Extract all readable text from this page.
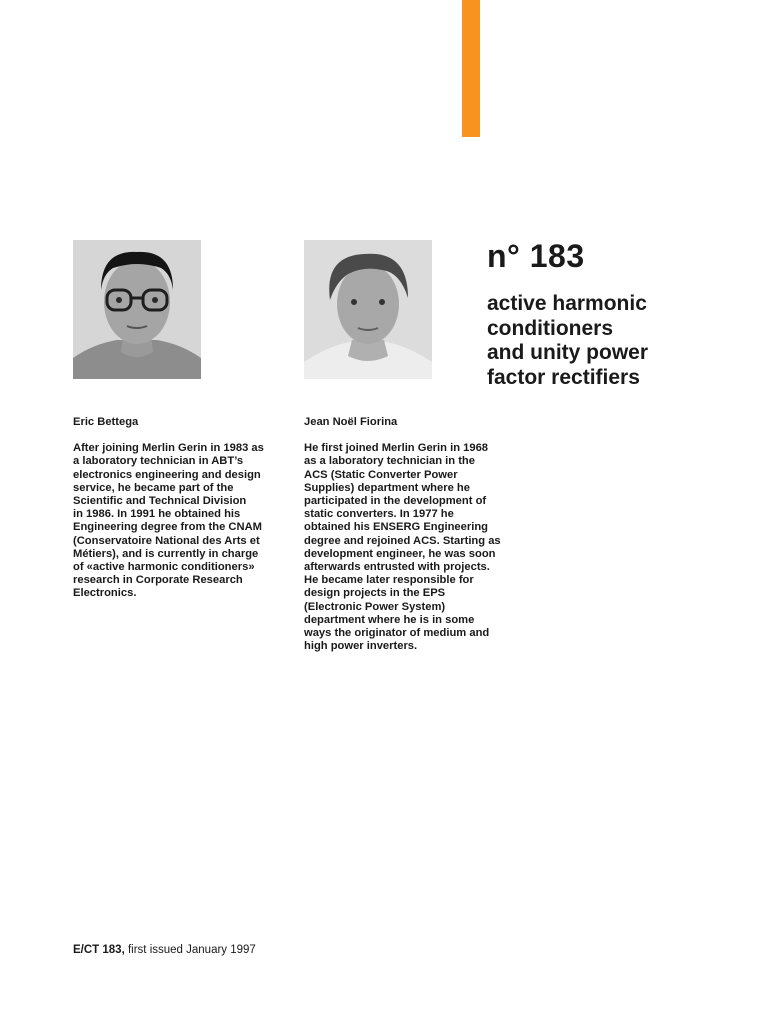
n° 183
active harmonic
conditioners
and unity power
factor rectifiers

Eric Bettega

After joining Merlin Gerin in 1983 as
a laboratory technician in ABT’s
electronics engineering and design
service, he became part of the
Scientific and Technical Division
in 1986. In 1991 he obtained his
Engineering degree from the CNAM
(Conservatoire National des Arts et
Métiers), and is currently in charge
of «active harmonic conditioners»
research in Corporate Research
Electronics.

Jean Noël Fiorina

He first joined Merlin Gerin in 1968
as a laboratory technician in the
ACS (Static Converter Power
Supplies) department where he
participated in the development of
static converters. In 1977 he
obtained his ENSERG Engineering
degree and rejoined ACS. Starting as
development engineer, he was soon
afterwards entrusted with projects.
He became later responsible for
design projects in the EPS
(Electronic Power System)
department where he is in some
ways the originator of medium and
high power inverters.

E/CT 183, first issued January 1997
